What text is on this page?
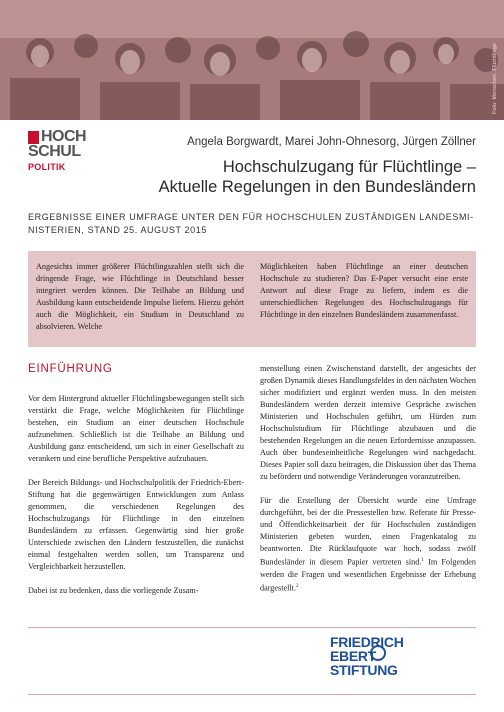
Foto: Menschen, Flüchtlinge
HOCH
SCHUL
POLITIK
Angela Borgwardt, Marei John-Ohnesorg, Jürgen Zöllner
Hochschulzugang für Flüchtlinge –
Aktuelle Regelungen in den Bundesländern
ERGEBNISSE EINER UMFRAGE UNTER DEN FÜR HOCHSCHULEN ZUSTÄNDIGEN LANDESMI-
NISTERIEN, STAND 25. AUGUST 2015
Angesichts immer größerer Flüchtlingszahlen stellt sich die dringende Frage, wie Flüchtlinge in Deutschland besser integriert werden können. Die Teilhabe an Bildung und Ausbildung kann entscheidende Impulse liefern. Hierzu gehört auch die Möglichkeit, ein Studium in Deutschland zu absolvieren. Welche
Möglichkeiten haben Flüchtlinge an einer deutschen Hochschule zu studieren? Das E-Paper versucht eine erste Antwort auf diese Frage zu liefern, indem es die unterschiedlichen Regelungen des Hochschulzugangs für Flüchtlinge in den einzelnen Bundesländern zusammenfasst.
EINFÜHRUNG

Vor dem Hintergrund aktueller Flüchtlingsbewegungen stellt sich verstärkt die Frage, welche Möglichkeiten für Flüchtlinge bestehen, ein Studium an einer deutschen Hochschule aufzunehmen. Schließlich ist die Teilhabe an Bildung und Ausbildung ganz entscheidend, um sich in einer Gesellschaft zu verankern und eine berufliche Perspektive aufzubauen.

Der Bereich Bildungs- und Hochschulpolitik der Friedrich-Ebert-Stiftung hat die gegenwärtigen Entwicklungen zum Anlass genommen, die verschiedenen Regelungen des Hochschulzugangs für Flüchtlinge in den einzelnen Bundesländern zu erfassen. Gegenwärtig sind hier große Unterschiede zwischen den Ländern festzustellen, die zunächst einmal festgehalten werden sollen, um Transparenz und Vergleichbarkeit herzustellen.

Dabei ist zu bedenken, dass die vorliegende Zusam-

menstellung einen Zwischenstand darstellt, der angesichts der großen Dynamik dieses Handlungsfeldes in den nächsten Wochen sicher modifiziert und ergänzt werden muss. In den meisten Bundesländern werden derzeit intensive Gespräche zwischen Ministerien und Hochschulen geführt, um Hürden zum Hochschulstudium für Flüchtlinge abzubauen und die bestehenden Regelungen an die neuen Erfordernisse anzupassen. Auch über bundeseinheitliche Regelungen wird nachgedacht. Dieses Papier soll dazu beitragen, die Diskussion über das Thema zu befördern und notwendige Veränderungen voranzutreiben.

Für die Erstellung der Übersicht wurde eine Umfrage durchgeführt, bei der die Pressestellen bzw. Referate für Presse- und Öffentlichkeitsarbeit der für Hochschulen zuständigen Ministerien gebeten wurden, einen Fragenkatalog zu beantworten. Die Rücklaufquote war hoch, sodass zwölf Bundesländer in diesem Papier vertreten sind.$^1$ Im Folgenden werden die Fragen und wesentlichen Ergebnisse der Erhebung dargestellt.$^2$

FRIEDRICH
EBERT
STIFTUNG
